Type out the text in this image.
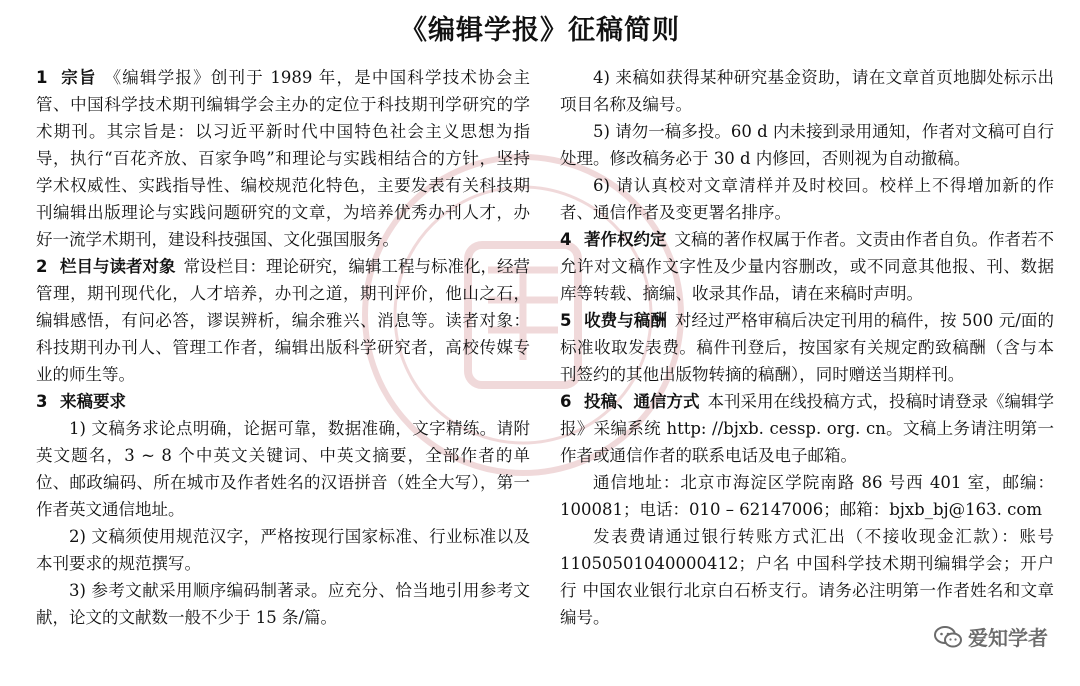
《编辑学报》征稿简则

1 宗旨 《编辑学报》创刊于 1989 年，是中国科学技术协会主管、中国科学技术期刊编辑学会主办的定位于科技期刊学研究的学术期刊。其宗旨是：以习近平新时代中国特色社会主义思想为指导，执行“百花齐放、百家争鸣”和理论与实践相结合的方针，坚持学术权威性、实践指导性、编校规范化特色，主要发表有关科技期刊编辑出版理论与实践问题研究的文章，为培养优秀办刊人才，办好一流学术期刊，建设科技强国、文化强国服务。

2 栏目与读者对象 常设栏目：理论研究，编辑工程与标准化，经营管理，期刊现代化，人才培养，办刊之道，期刊评价，他山之石，编辑感悟，有问必答，谬误辨析，编余雅兴、消息等。读者对象：科技期刊办刊人、管理工作者，编辑出版科学研究者，高校传媒专业的师生等。

3 来稿要求

1) 文稿务求论点明确，论据可靠，数据准确，文字精练。请附英文题名，3 ~ 8 个中英文关键词、中英文摘要，全部作者的单位、邮政编码、所在城市及作者姓名的汉语拼音（姓全大写），第一作者英文通信地址。

2) 文稿须使用规范汉字，严格按现行国家标准、行业标准以及本刊要求的规范撰写。

3) 参考文献采用顺序编码制著录。应充分、恰当地引用参考文献，论文的文献数一般不少于 15 条/篇。

4) 来稿如获得某种研究基金资助，请在文章首页地脚处标示出项目名称及编号。

5) 请勿一稿多投。60 d 内未接到录用通知，作者对文稿可自行处理。修改稿务必于 30 d 内修回，否则视为自动撤稿。

6) 请认真校对文章清样并及时校回。校样上不得增加新的作者、通信作者及变更署名排序。

4 著作权约定 文稿的著作权属于作者。文责由作者自负。作者若不允许对文稿作文字性及少量内容删改，或不同意其他报、刊、数据库等转载、摘编、收录其作品，请在来稿时声明。

5 收费与稿酬 对经过严格审稿后决定刊用的稿件，按 500 元/面的标准收取发表费。稿件刊登后，按国家有关规定酌致稿酬（含与本刊签约的其他出版物转摘的稿酬），同时赠送当期样刊。

6 投稿、通信方式 本刊采用在线投稿方式，投稿时请登录《编辑学报》采编系统 http: //bjxb. cessp. org. cn。文稿上务请注明第一作者或通信作者的联系电话及电子邮箱。

通信地址：北京市海淀区学院南路 86 号西 401 室，邮编：100081；电话：010 – 62147006；邮箱：bjxb_bj@163. com

发表费请通过银行转账方式汇出（不接收现金汇款）：账号 11050501040000412；户名 中国科学技术期刊编辑学会；开户行 中国农业银行北京白石桥支行。请务必注明第一作者姓名和文章编号。

爱知学者
